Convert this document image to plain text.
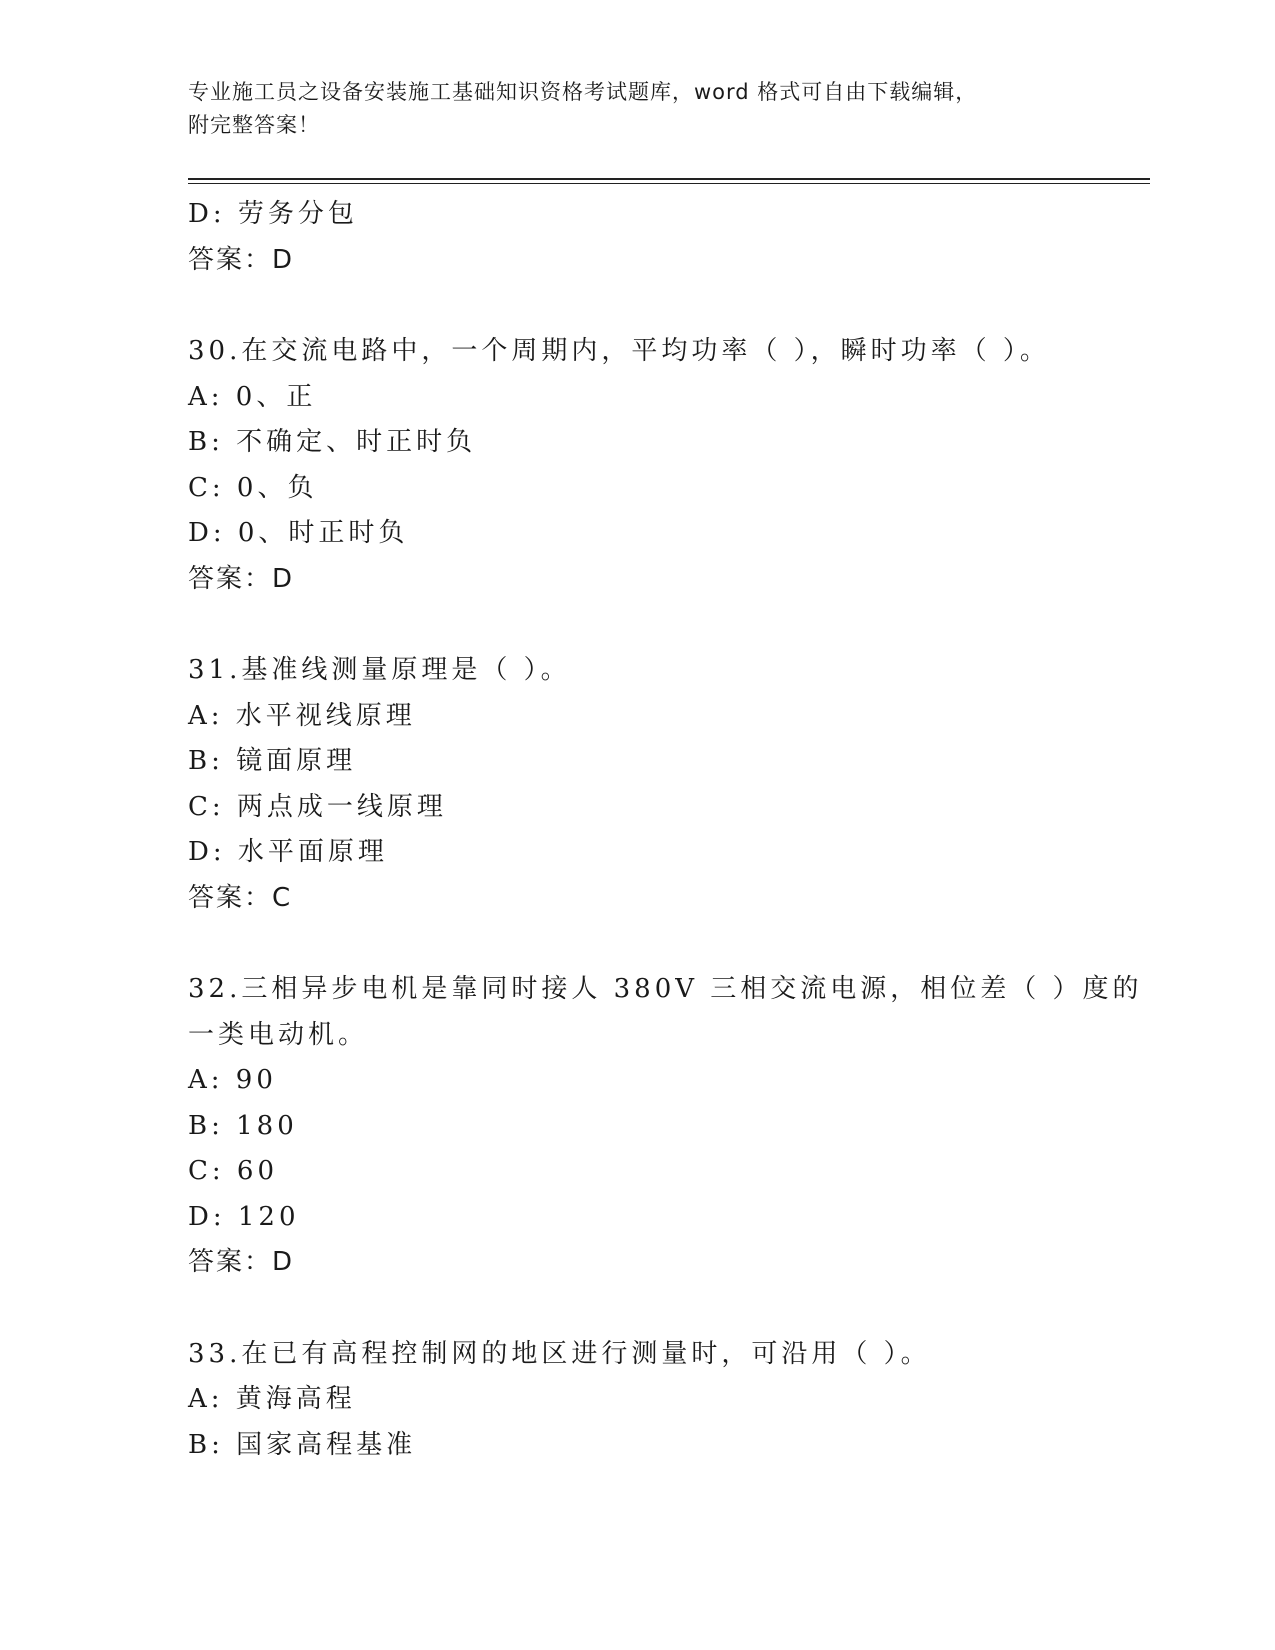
专业施工员之设备安装施工基础知识资格考试题库，word 格式可自由下载编辑，
附完整答案！
D: 劳务分包
答案：D
30.在交流电路中，一个周期内，平均功率（ ），瞬时功率（ ）。
A: 0、正
B: 不确定、时正时负
C: 0、负
D: 0、时正时负
答案：D
31.基准线测量原理是（ ）。
A: 水平视线原理
B: 镜面原理
C: 两点成一线原理
D: 水平面原理
答案：C
32.三相异步电机是靠同时接人 380V 三相交流电源，相位差（ ）度的
一类电动机。
A: 90
B: 180
C: 60
D: 120
答案：D
33.在已有高程控制网的地区进行测量时，可沿用（ ）。
A: 黄海高程
B: 国家高程基准
